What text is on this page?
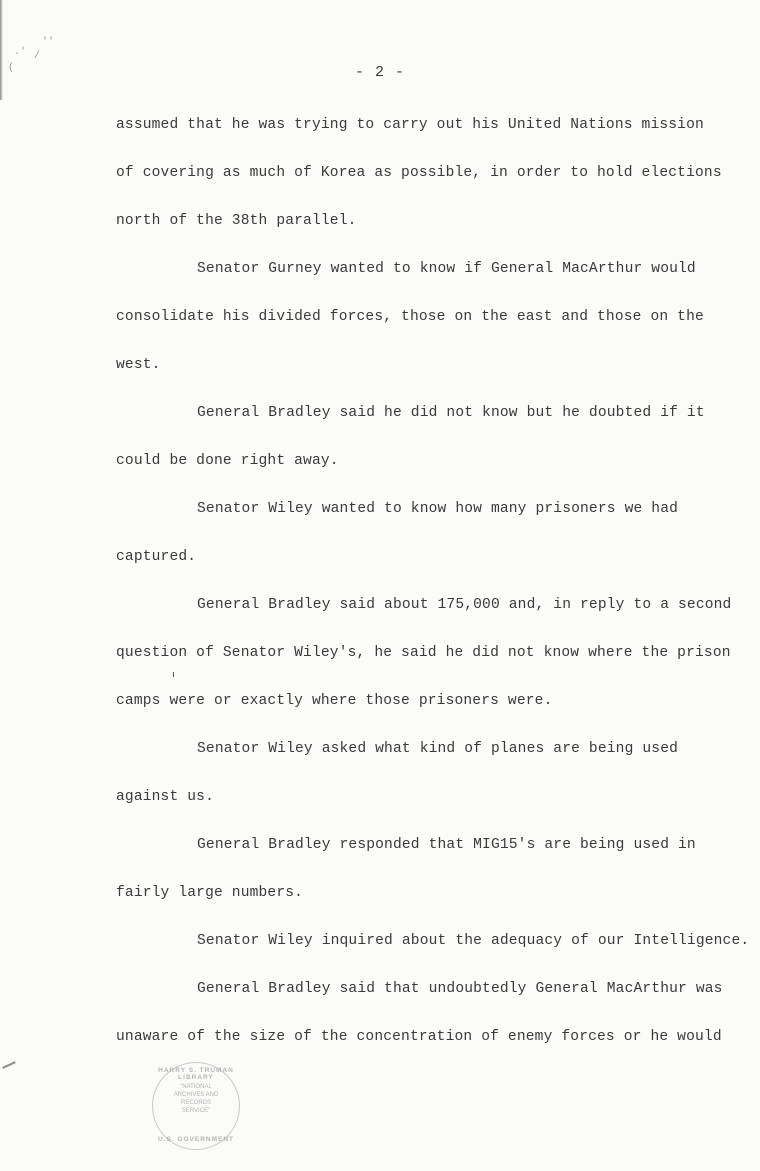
''
.' /
(	- 2 -
assumed that he was trying to carry out his United Nations mission
of covering as much of Korea as possible, in order to hold elections
north of the 38th parallel.
Senator Gurney wanted to know if General MacArthur would
consolidate his divided forces, those on the east and those on the
west.
General Bradley said he did not know but he doubted if it
could be done right away.
Senator Wiley wanted to know how many prisoners we had
captured.
General Bradley said about 175,000 and, in reply to a second
question of Senator Wiley's, he said he did not know where the prison
camps were or exactly where those prisoners were.
Senator Wiley asked what kind of planes are being used
against us.
General Bradley responded that MIG15's are being used in
fairly large numbers.
Senator Wiley inquired about the adequacy of our Intelligence.
General Bradley said that undoubtedly General MacArthur was
unaware of the size of the concentration of enemy forces or he would
HARRY S. TRUMAN LIBRARY
"NATIONAL
ARCHIVES AND
RECORDS
SERVICE"
U.S. GOVERNMENT
